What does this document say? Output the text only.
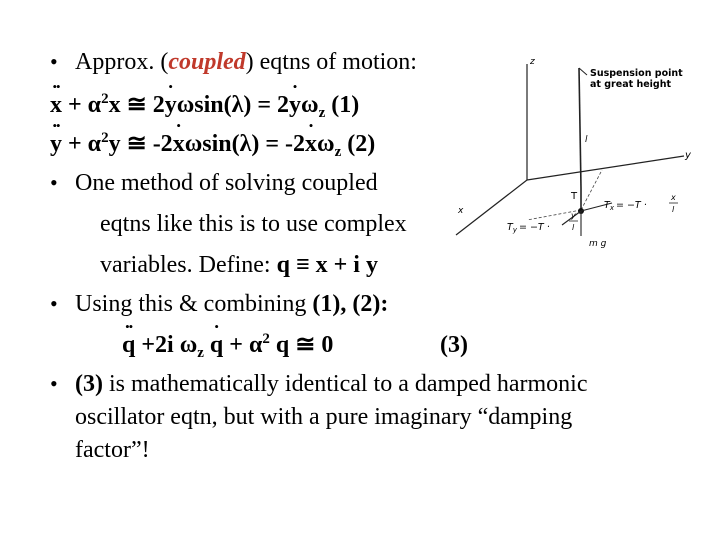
• Approx. (coupled) eqtns of motion:
•• $x + \alpha^2x$ ≅ 2• yωsin(λ) = 2• $y\omega_z$ (1)
•• $y + \alpha^2y$ ≅ -2• xωsin(λ) = -2• $x\omega_z$ (2)
• One method of solving coupled
eqtns like this is to use complex
variables. Define: q ≡ x + i y
• Using this & combining (1), (2):
•• q +2i $\omega_z$ • $q + \alpha^2$ q ≅ 0	(3)
• (3) is mathematically identical to a damped harmonic
oscillator eqtn, but with a pure imaginary “damping
factor”!
z
y
x
Suspension point
at great height
l
T
$T_x = -T$ ·
x
l
$T_y = -T$ ·
y
l
m g
